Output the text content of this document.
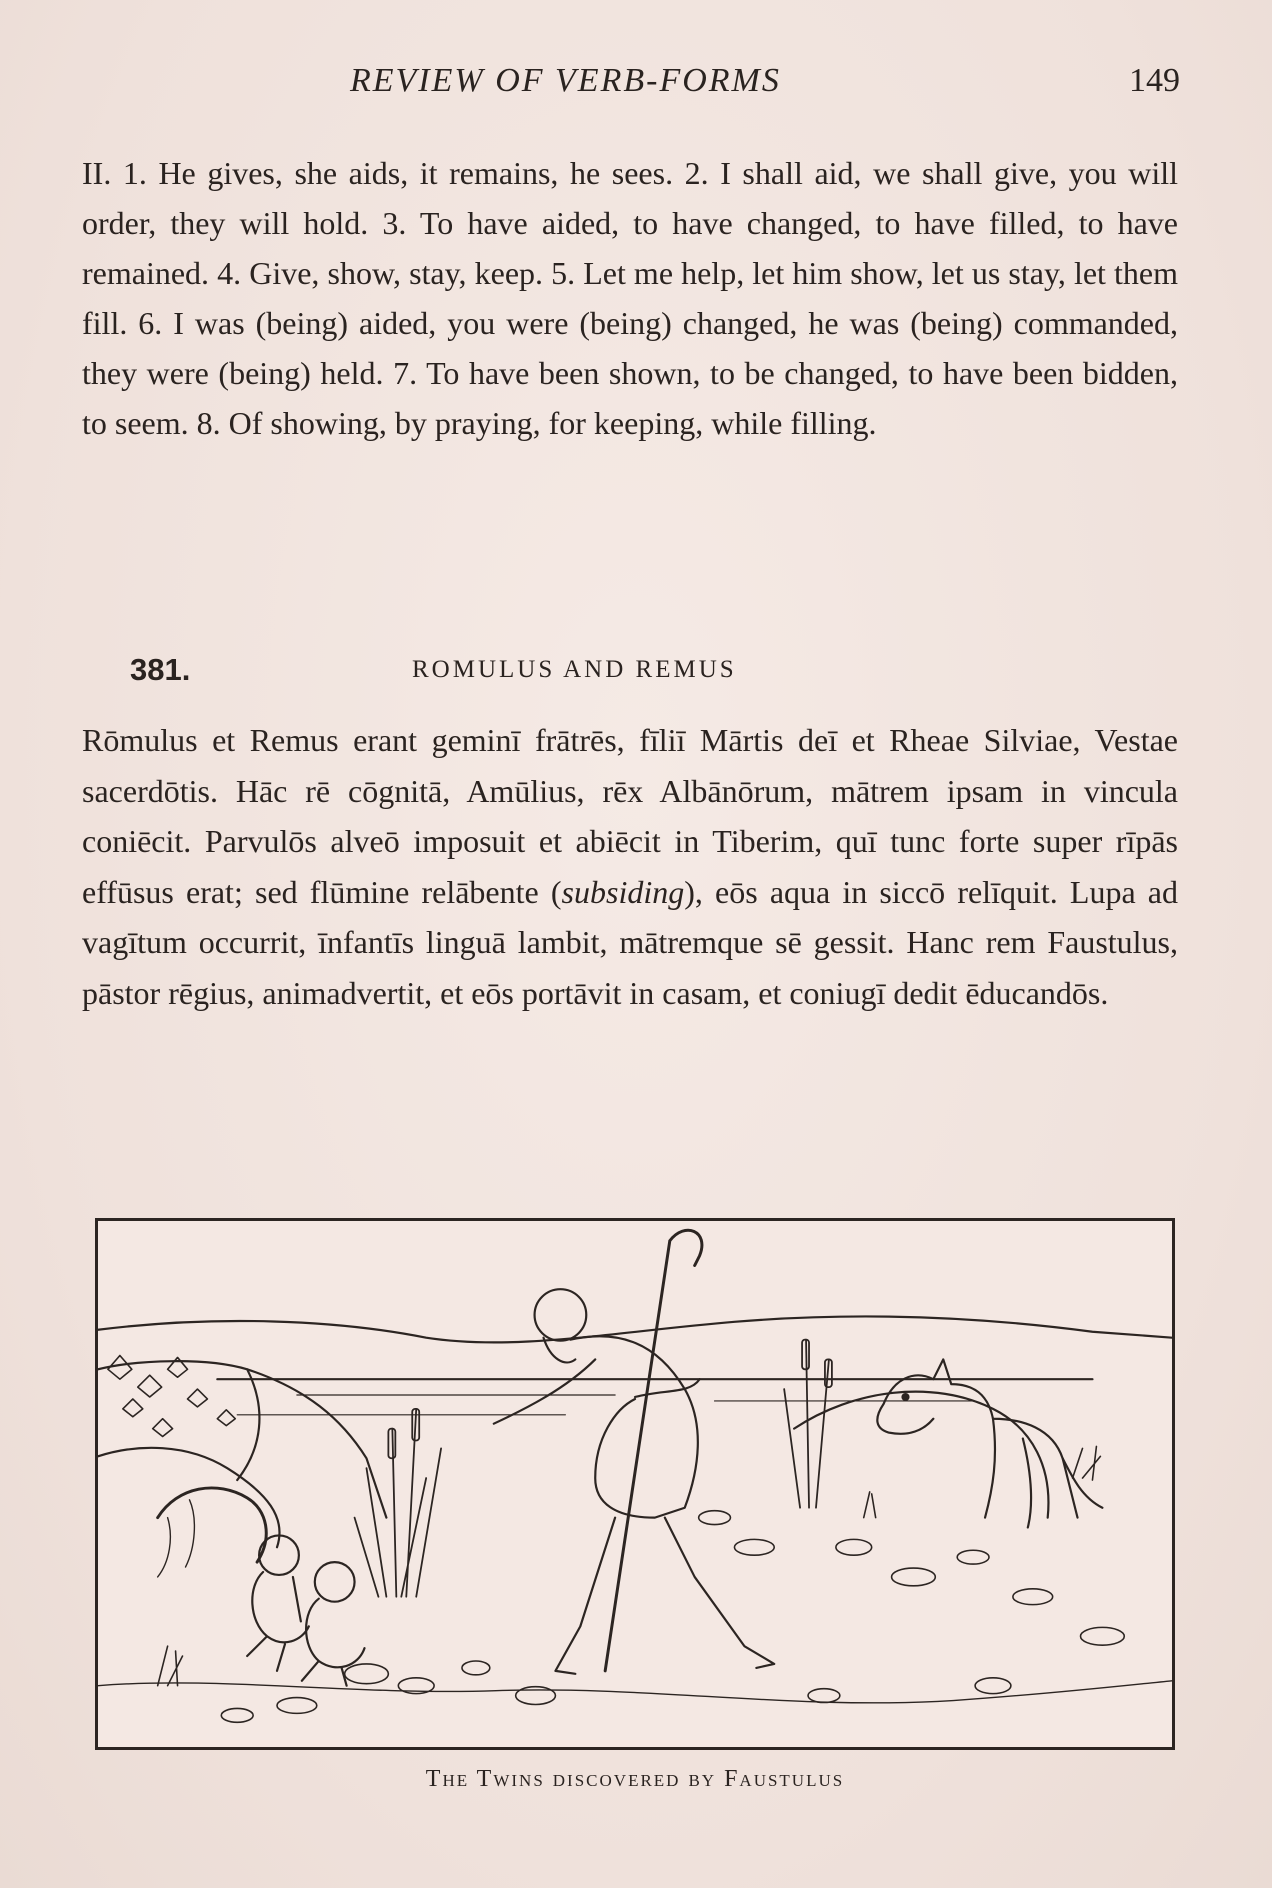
REVIEW OF VERB-FORMS	149

II. 1. He gives, she aids, it remains, he sees. 2. I shall aid, we shall give, you will order, they will hold. 3. To have aided, to have changed, to have filled, to have remained. 4. Give, show, stay, keep. 5. Let me help, let him show, let us stay, let them fill. 6. I was (being) aided, you were (being) changed, he was (being) commanded, they were (being) held. 7. To have been shown, to be changed, to have been bidden, to seem. 8. Of showing, by praying, for keeping, while filling.

381.	ROMULUS AND REMUS

Rōmulus et Remus erant geminī frātrēs, fīliī Mārtis deī et Rheae Silviae, Vestae sacerdōtis. Hāc rē cōgnitā, Amūlius, rēx Albānōrum, mātrem ipsam in vincula coniēcit. Parvulōs alveō imposuit et abiēcit in Tiberim, quī tunc forte super rīpās effūsus erat; sed flūmine relābente (subsiding), eōs aqua in siccō relīquit. Lupa ad vagītum occurrit, īnfantīs linguā lambit, mātremque sē gessit. Hanc rem Faustulus, pāstor rēgius, animadvertit, et eōs portāvit in casam, et coniugī dedit ēducandōs.

The Twins discovered by Faustulus
